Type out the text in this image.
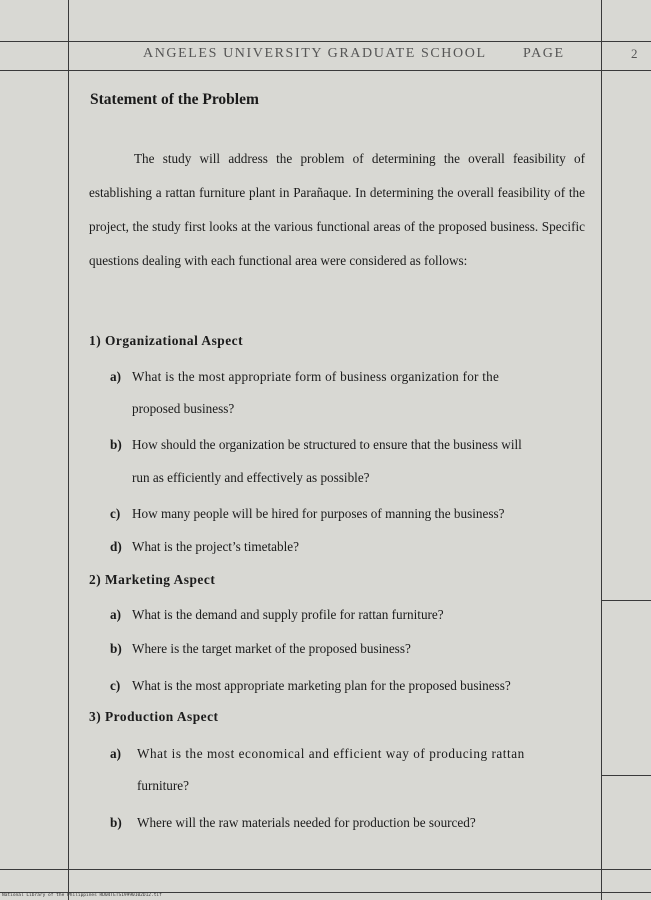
ANGELES UNIVERSITY GRADUATE SCHOOL	PAGE	2
Statement of the Problem

The study will address the problem of determining the overall feasibility of establishing a rattan furniture plant in Parañaque. In determining the overall feasibility of the project, the study first looks at the various functional areas of the proposed business. Specific questions dealing with each functional area were considered as follows:

1) Organizational Aspect
a) What is the most appropriate form of business organization for the
proposed business?
b) How should the organization be structured to ensure that the business will
run as efficiently and effectively as possible?
c) How many people will be hired for purposes of manning the business?
d) What is the project’s timetable?
2) Marketing Aspect
a) What is the demand and supply profile for rattan furniture?
b) Where is the target market of the proposed business?
c) What is the most appropriate marketing plan for the proposed business?
3) Production Aspect
a) What is the most economical and efficient way of producing rattan
furniture?
b) Where will the raw materials needed for production be sourced?
National Library of the Philippines RD04TETS19990102D12.tif
